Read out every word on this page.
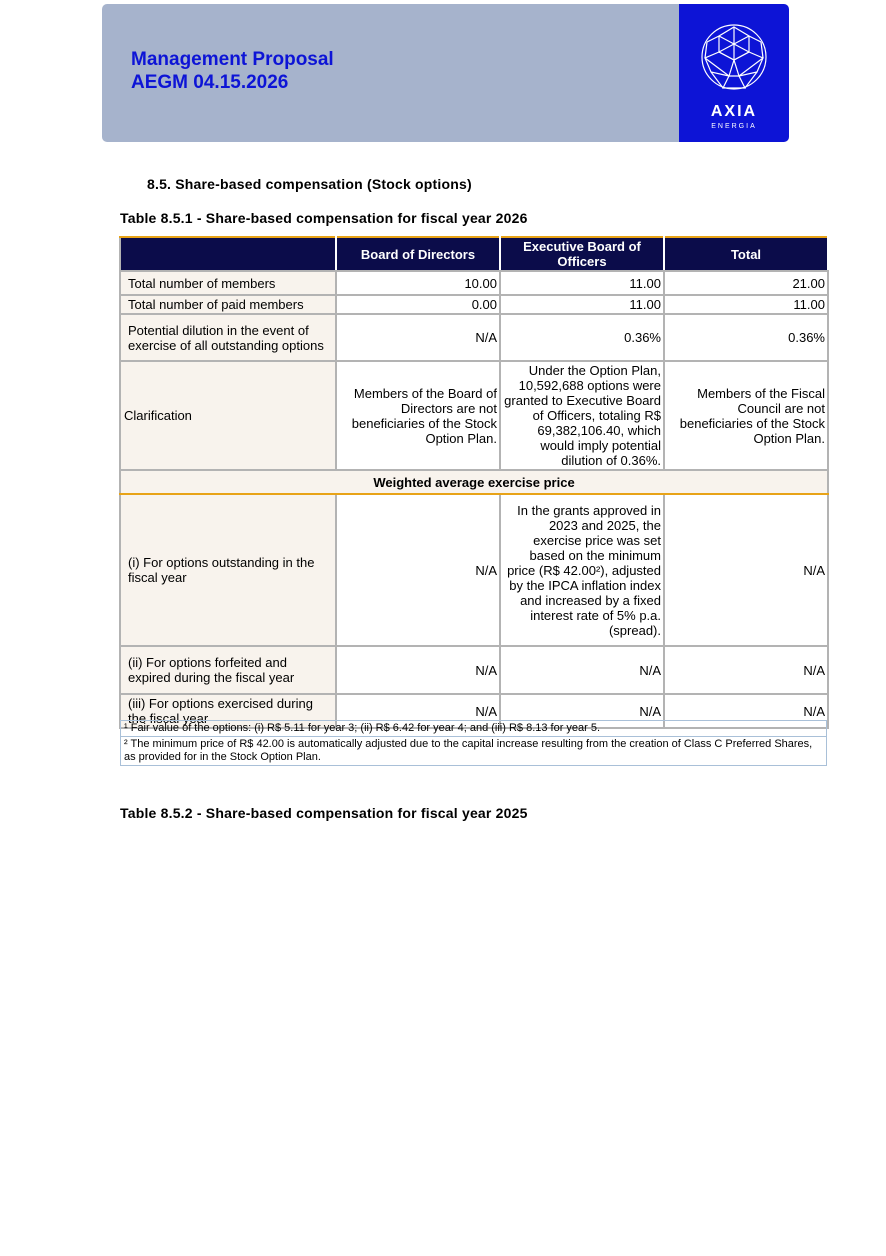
Management Proposal
AEGM 04.15.2026
AXIA
ENERGIA
8.5. Share-based compensation (Stock options)
Table 8.5.1 - Share-based compensation for fiscal year 2026
	Board of Directors	Executive Board of Officers	Total
Total number of members	10.00	11.00	21.00
Total number of paid members	0.00	11.00	11.00
Potential dilution in the event of exercise of all outstanding options	N/A	0.36%	0.36%
Clarification	Members of the Board of Directors are not beneficiaries of the Stock Option Plan.	Under the Option Plan, 10,592,688 options were granted to Executive Board of Officers, totaling R$ 69,382,106.40, which would imply potential dilution of 0.36%.	Members of the Fiscal Council are not beneficiaries of the Stock Option Plan.
Weighted average exercise price			
(i) For options outstanding in the fiscal year	N/A	In the grants approved in 2023 and 2025, the exercise price was set based on the minimum price (R$ 42.00²), adjusted by the IPCA inflation index and increased by a fixed interest rate of 5% p.a. (spread).	N/A
(ii) For options forfeited and expired during the fiscal year	N/A	N/A	N/A
(iii) For options exercised during the fiscal year	N/A	N/A	N/A
¹ Fair value of the options: (i) R$ 5.11 for year 3; (ii) R$ 6.42 for year 4; and (iii) R$ 8.13 for year 5.
² The minimum price of R$ 42.00 is automatically adjusted due to the capital increase resulting from the creation of Class C Preferred Shares, as provided for in the Stock Option Plan.
Table 8.5.2 - Share-based compensation for fiscal year 2025
